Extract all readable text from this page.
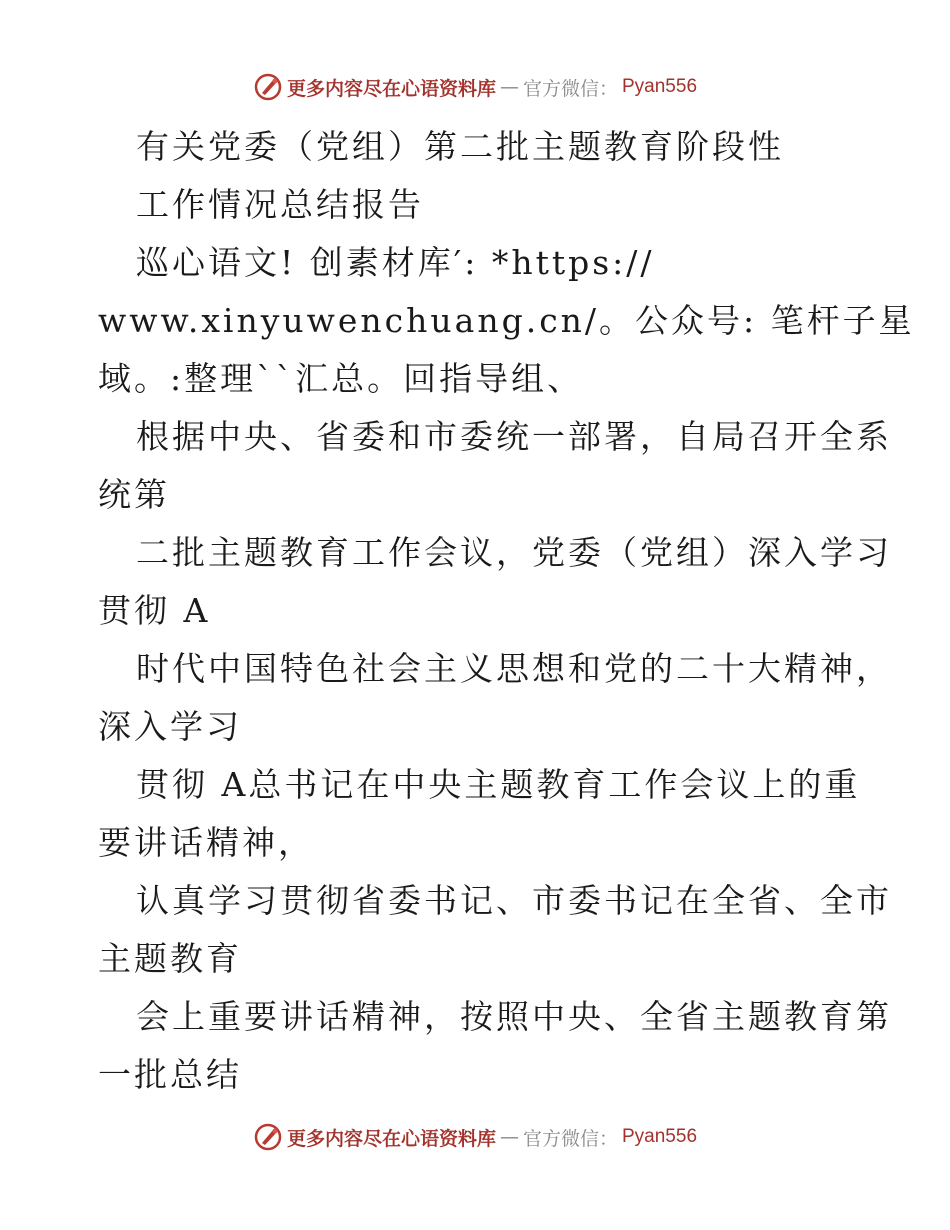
更多内容尽在心语资料库 — 官方微信： Pyan556
有关党委（党组）第二批主题教育阶段性
工作情况总结报告
巡心语文! 创素材库′: *https://
www.xinyuwenchuang.cn/。公众号: 笔杆子星
域。:整理``汇总。回指导组、
根据中央、省委和市委统一部署，自局召开全系
统第
二批主题教育工作会议，党委（党组）深入学习
贯彻 A
时代中国特色社会主义思想和党的二十大精神，
深入学习
贯彻 A总书记在中央主题教育工作会议上的重
要讲话精神，
认真学习贯彻省委书记、市委书记在全省、全市
主题教育
会上重要讲话精神，按照中央、全省主题教育第
一批总结
更多内容尽在心语资料库 — 官方微信： Pyan556
